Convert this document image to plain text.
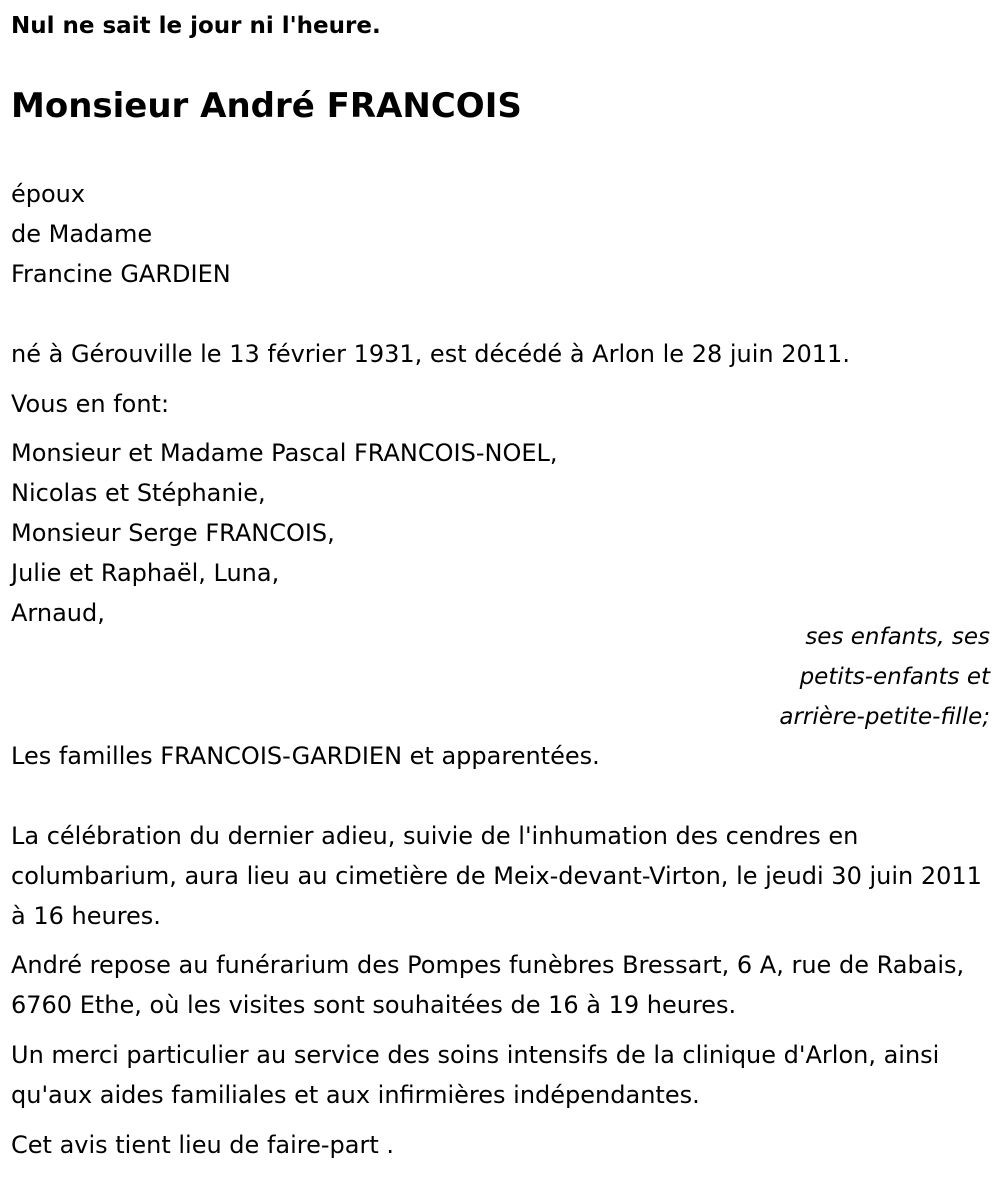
Nul ne sait le jour ni l'heure.

Monsieur André FRANCOIS

époux
de Madame
Francine GARDIEN

né à Gérouville le 13 février 1931, est décédé à Arlon le 28 juin 2011.

Vous en font:

Monsieur et Madame Pascal FRANCOIS-NOEL,
Nicolas et Stéphanie,
Monsieur Serge FRANCOIS,
Julie et Raphaël, Luna,
Arnaud,

ses enfants, ses
petits-enfants et
arrière-petite-fille;

Les familles FRANCOIS-GARDIEN et apparentées.

La célébration du dernier adieu, suivie de l'inhumation des cendres en columbarium, aura lieu au cimetière de Meix-devant-Virton, le jeudi 30 juin 2011 à 16 heures.

André repose au funérarium des Pompes funèbres Bressart, 6 A, rue de Rabais, 6760 Ethe, où les visites sont souhaitées de 16 à 19 heures.

Un merci particulier au service des soins intensifs de la clinique d'Arlon, ainsi qu'aux aides familiales et aux infirmières indépendantes.

Cet avis tient lieu de faire-part .
